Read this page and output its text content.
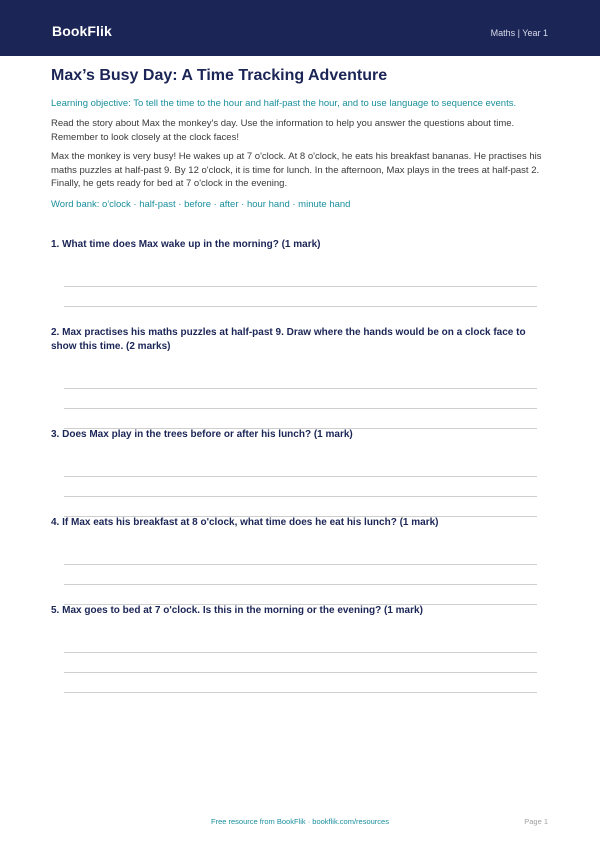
BookFlik	Maths | Year 1
Max’s Busy Day: A Time Tracking Adventure

Learning objective: To tell the time to the hour and half-past the hour, and to use language to sequence events.

Read the story about Max the monkey's day. Use the information to help you answer the questions about time. Remember to look closely at the clock faces!

Max the monkey is very busy! He wakes up at 7 o'clock. At 8 o'clock, he eats his breakfast bananas. He practises his maths puzzles at half-past 9. By 12 o'clock, it is time for lunch. In the afternoon, Max plays in the trees at half-past 2. Finally, he gets ready for bed at 7 o'clock in the evening.

Word bank: o'clock · half-past · before · after · hour hand · minute hand

1. What time does Max wake up in the morning? (1 mark)
2. Max practises his maths puzzles at half-past 9. Draw where the hands would be on a clock face to show this time. (2 marks)
3. Does Max play in the trees before or after his lunch? (1 mark)
4. If Max eats his breakfast at 8 o'clock, what time does he eat his lunch? (1 mark)
5. Max goes to bed at 7 o'clock. Is this in the morning or the evening? (1 mark)
Free resource from BookFlik · bookflik.com/resources	Page 1
